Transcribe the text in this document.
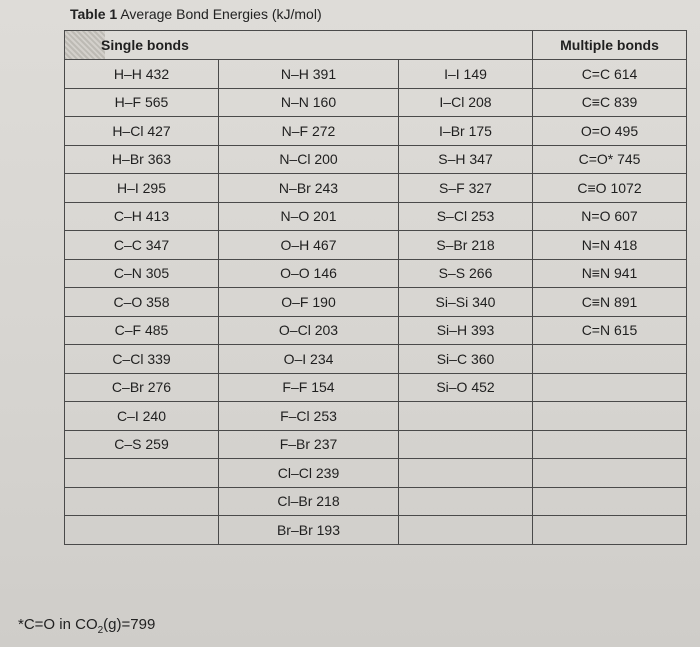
Table 1 Average Bond Energies (kJ/mol)
Single bonds			Multiple bonds
H–H 432	N–H 391	I–I 149	C=C 614
H–F 565	N–N 160	I–Cl 208	C≡C 839
H–Cl 427	N–F 272	I–Br 175	O=O 495
H–Br 363	N–Cl 200	S–H 347	C=O* 745
H–I 295	N–Br 243	S–F 327	C≡O 1072
C–H 413	N–O 201	S–Cl 253	N=O 607
C–C 347	O–H 467	S–Br 218	N=N 418
C–N 305	O–O 146	S–S 266	N≡N 941
C–O 358	O–F 190	Si–Si 340	C≡N 891
C–F 485	O–Cl 203	Si–H 393	C=N 615
C–Cl 339	O–I 234	Si–C 360	
C–Br 276	F–F 154	Si–O 452	
C–I 240	F–Cl 253		
C–S 259	F–Br 237		
	Cl–Cl 239		
	Cl–Br 218		
	Br–Br 193		
*C=O in $CO_2(g)=799$
